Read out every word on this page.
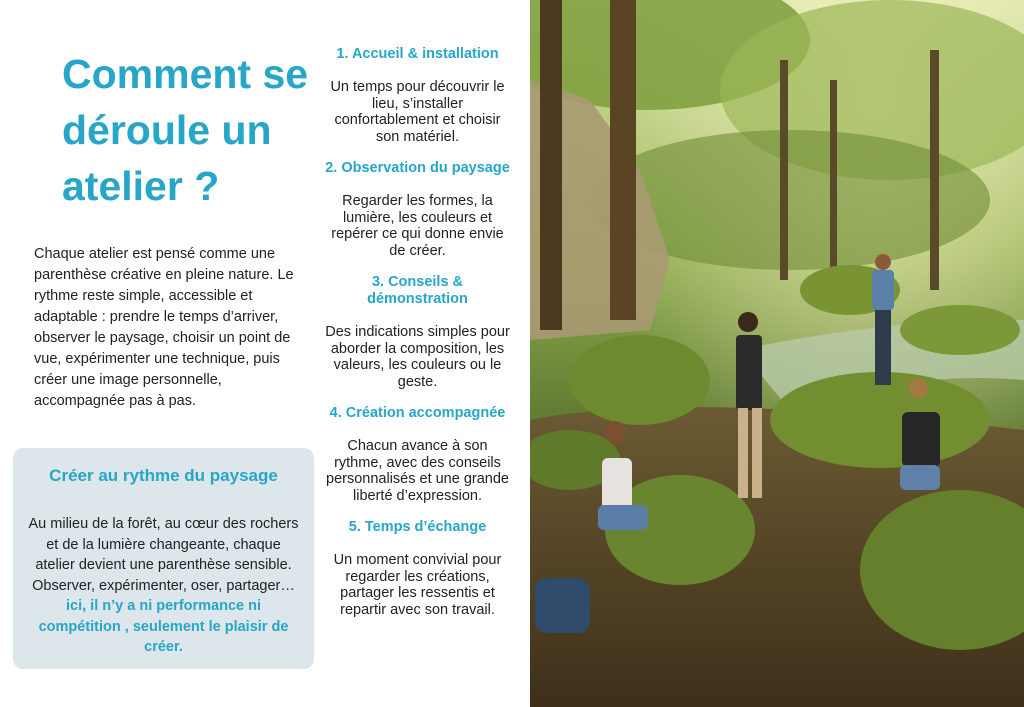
Comment se déroule un atelier ?
Chaque atelier est pensé comme une parenthèse créative en pleine nature. Le rythme reste simple, accessible et adaptable : prendre le temps d’arriver, observer le paysage, choisir un point de vue, expérimenter une technique, puis créer une image personnelle, accompagnée pas à pas.
Créer au rythme du paysage

Au milieu de la forêt, au cœur des rochers et de la lumière changeante, chaque atelier devient une parenthèse sensible. Observer, expérimenter, oser, partager… ici, il n’y a ni performance ni compétition , seulement le plaisir de créer.

1. Accueil & installation

Un temps pour découvrir le lieu, s’installer confortablement et choisir son matériel.

2. Observation du paysage

Regarder les formes, la lumière, les couleurs et repérer ce qui donne envie de créer.

3. Conseils & démonstration

Des indications simples pour aborder la composition, les valeurs, les couleurs ou le geste.

4. Création accompagnée

Chacun avance à son rythme, avec des conseils personnalisés et une grande liberté d’expression.

5. Temps d’échange

Un moment convivial pour regarder les créations, partager les ressentis et repartir avec son travail.
